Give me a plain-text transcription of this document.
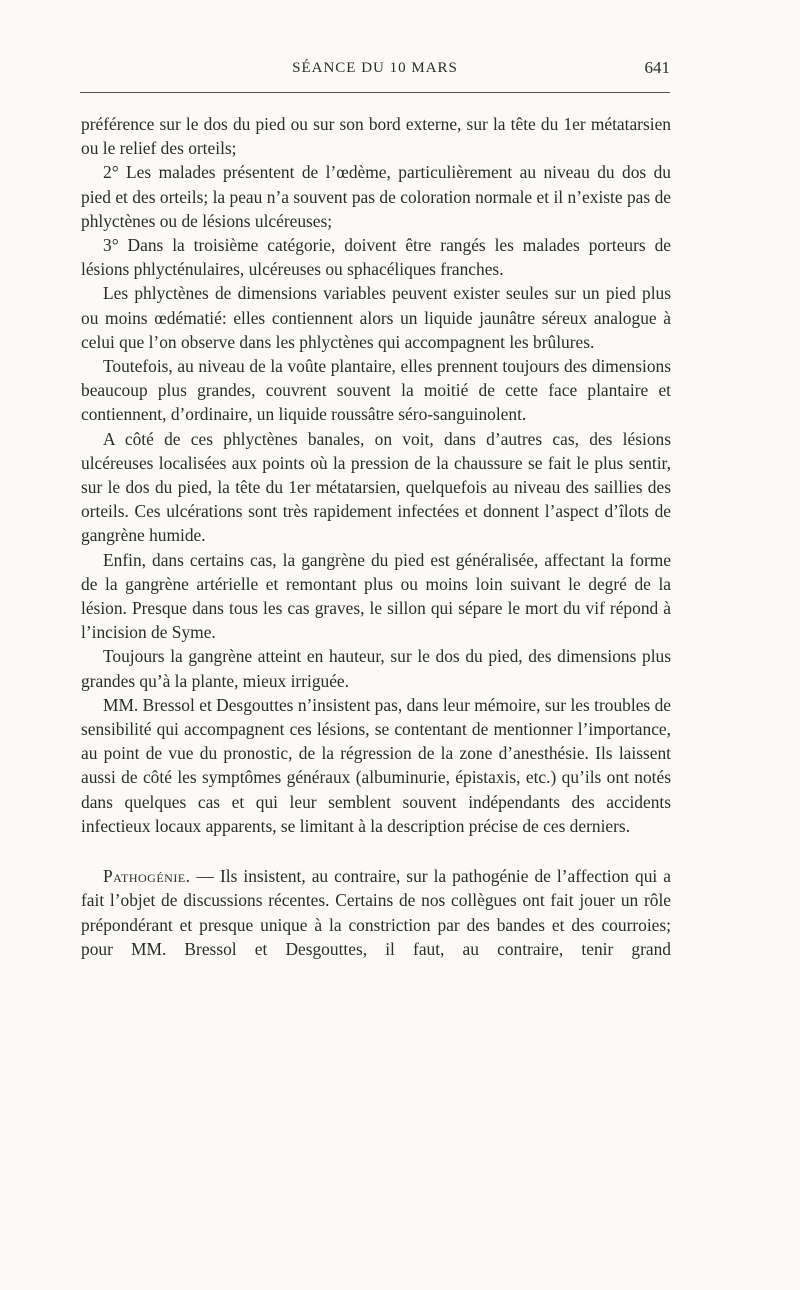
SÉANCE DU 10 MARS	641

préférence sur le dos du pied ou sur son bord externe, sur la tête du 1er métatarsien ou le relief des orteils;

2° Les malades présentent de l’œdème, particulièrement au niveau du dos du pied et des orteils; la peau n’a souvent pas de coloration normale et il n’existe pas de phlyctènes ou de lésions ulcéreuses;

3° Dans la troisième catégorie, doivent être rangés les malades porteurs de lésions phlycténulaires, ulcéreuses ou sphacéliques franches.

Les phlyctènes de dimensions variables peuvent exister seules sur un pied plus ou moins œdématié: elles contiennent alors un liquide jaunâtre séreux analogue à celui que l’on observe dans les phlyctènes qui accompagnent les brûlures.

Toutefois, au niveau de la voûte plantaire, elles prennent toujours des dimensions beaucoup plus grandes, couvrent souvent la moitié de cette face plantaire et contiennent, d’ordinaire, un liquide roussâtre séro-sanguinolent.

A côté de ces phlyctènes banales, on voit, dans d’autres cas, des lésions ulcéreuses localisées aux points où la pression de la chaussure se fait le plus sentir, sur le dos du pied, la tête du 1er métatarsien, quelquefois au niveau des saillies des orteils. Ces ulcérations sont très rapidement infectées et donnent l’aspect d’îlots de gangrène humide.

Enfin, dans certains cas, la gangrène du pied est généralisée, affectant la forme de la gangrène artérielle et remontant plus ou moins loin suivant le degré de la lésion. Presque dans tous les cas graves, le sillon qui sépare le mort du vif répond à l’incision de Syme.

Toujours la gangrène atteint en hauteur, sur le dos du pied, des dimensions plus grandes qu’à la plante, mieux irriguée.

MM. Bressol et Desgouttes n’insistent pas, dans leur mémoire, sur les troubles de sensibilité qui accompagnent ces lésions, se contentant de mentionner l’importance, au point de vue du pronostic, de la régression de la zone d’anesthésie. Ils laissent aussi de côté les symptômes généraux (albuminurie, épistaxis, etc.) qu’ils ont notés dans quelques cas et qui leur semblent souvent indépendants des accidents infectieux locaux apparents, se limitant à la description précise de ces derniers.

Pathogénie. — Ils insistent, au contraire, sur la pathogénie de l’affection qui a fait l’objet de discussions récentes. Certains de nos collègues ont fait jouer un rôle prépondérant et presque unique à la constriction par des bandes et des courroies; pour MM. Bressol et Desgouttes, il faut, au contraire, tenir grand
